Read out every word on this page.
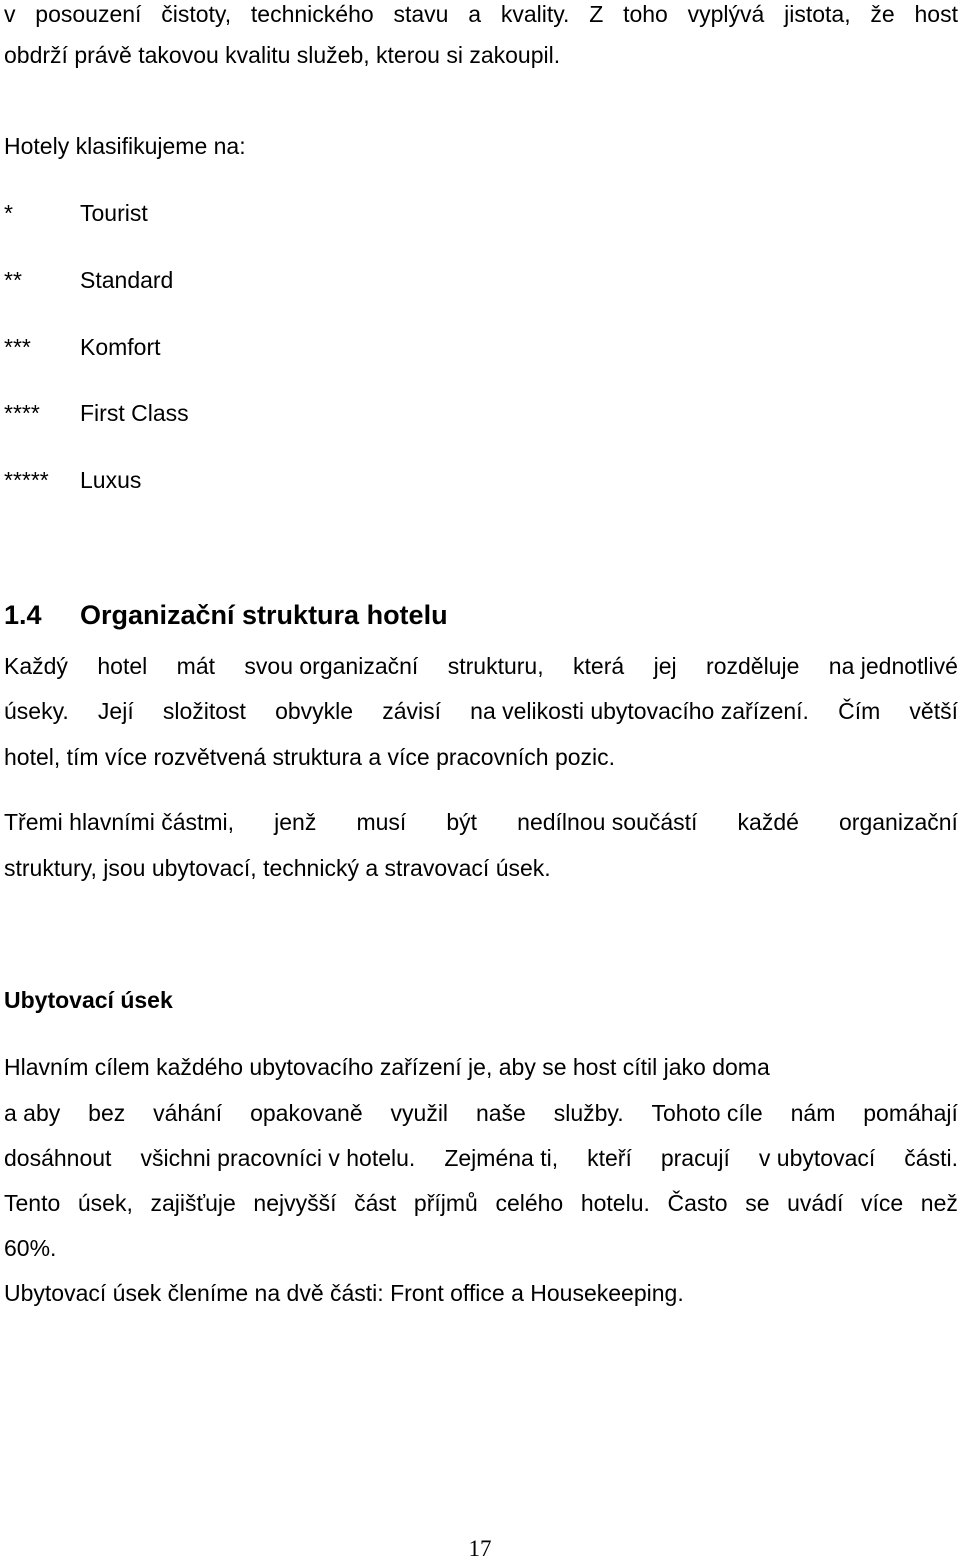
v posouzení čistoty, technického stavu a kvality. Z toho vyplývá jistota, že host
obdrží právě takovou kvalitu služeb, kterou si zakoupil.
Hotely klasifikujeme na:
*	Tourist
**	Standard
*** Komfort
**** First Class
***** Luxus
1.4 Organizační struktura hotelu
Každý hotel mát svou organizační strukturu, která jej rozděluje na jednotlivé
úseky. Její složitost obvykle závisí na velikosti ubytovacího zařízení. Čím větší
hotel, tím více rozvětvená struktura a více pracovních pozic.
Třemi hlavními částmi, jenž musí být nedílnou součástí každé organizační
struktury, jsou ubytovací, technický a stravovací úsek.
Ubytovací úsek
Hlavním cílem každého ubytovacího zařízení je, aby se host cítil jako doma
a aby bez váhání opakovaně využil naše služby. Tohoto cíle nám pomáhají
dosáhnout všichni pracovníci v hotelu. Zejména ti, kteří pracují v ubytovací části.
Tento úsek, zajišťuje nejvyšší část příjmů celého hotelu. Často se uvádí více než
60%.
Ubytovací úsek členíme na dvě části: Front office a Housekeeping.
17
